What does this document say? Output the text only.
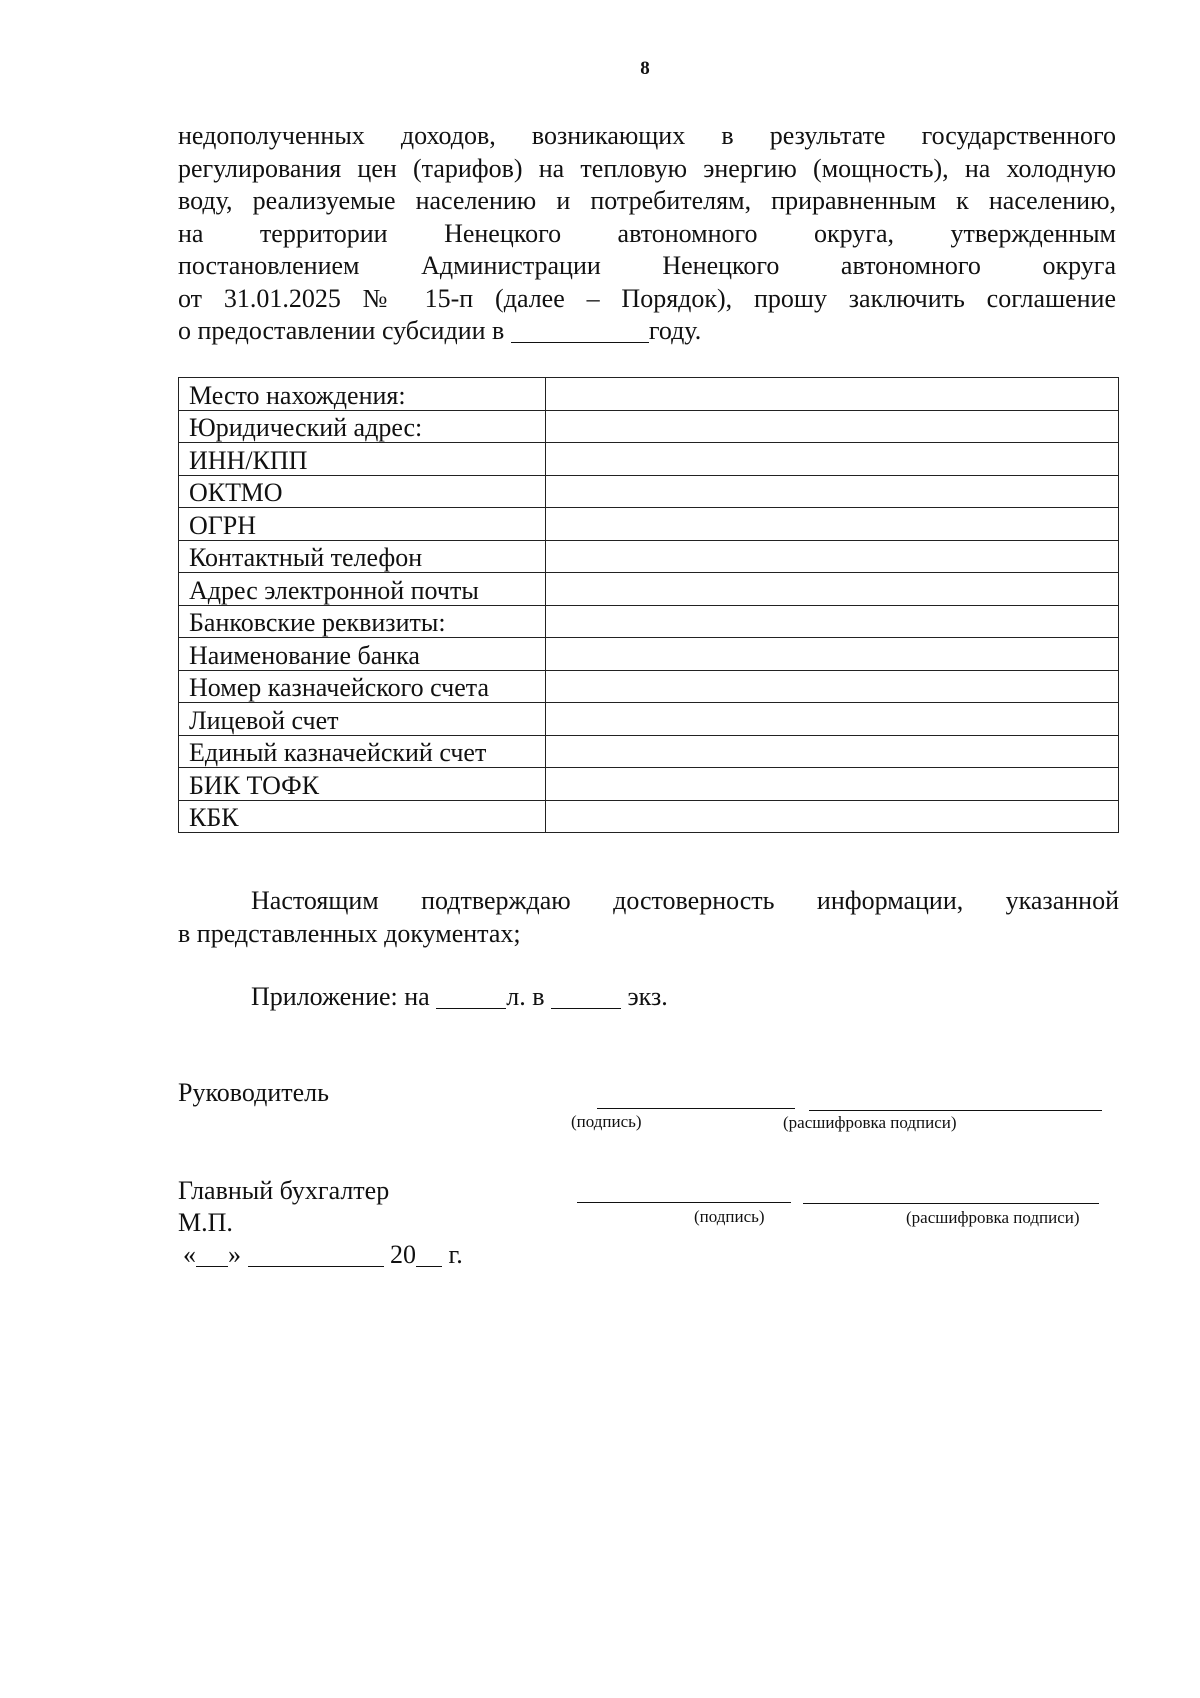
8
недополученных доходов, возникающих в результате государственного
регулирования цен (тарифов) на тепловую энергию (мощность), на холодную
воду, реализуемые населению и потребителям, приравненным к населению,
на территории Ненецкого автономного округа, утвержденным
постановлением Администрации Ненецкого автономного округа
от 31.01.2025 № 15-п (далее – Порядок), прошу заключить соглашение
о предоставлении субсидии в	году.
Место нахождения:	
Юридический адрес:	
ИНН/КПП	
ОКТМО	
ОГРН	
Контактный телефон	
Адрес электронной почты	
Банковские реквизиты:	
Наименование банка	
Номер казначейского счета	
Лицевой счет	
Единый казначейский счет	
БИК ТОФК	
КБК	
Настоящим подтверждаю достоверность информации, указанной
в представленных документах;
Приложение: на	л. в	экз.
Руководитель
(подпись)	(расшифровка подписи)
Главный бухгалтер
(подпись)	(расшифровка подписи)
М.П.
« »	20 г.
